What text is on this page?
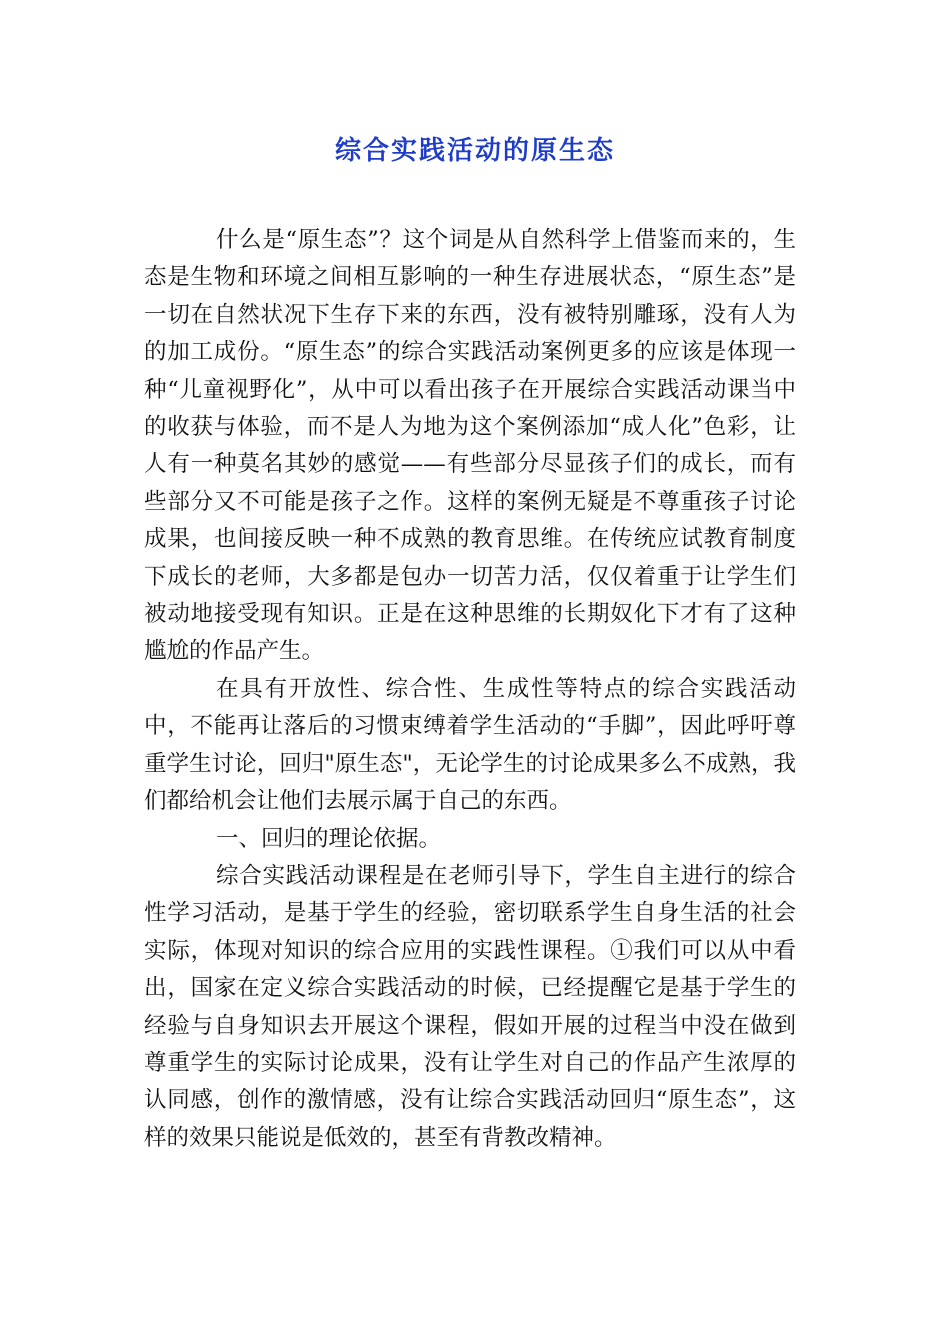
综合实践活动的原生态

什么是“原生态”？这个词是从自然科学上借鉴而来的，生态是生物和环境之间相互影响的一种生存进展状态，“原生态”是一切在自然状况下生存下来的东西，没有被特别雕琢，没有人为的加工成份。“原生态”的综合实践活动案例更多的应该是体现一种“儿童视野化”，从中可以看出孩子在开展综合实践活动课当中的收获与体验，而不是人为地为这个案例添加“成人化”色彩，让人有一种莫名其妙的感觉——有些部分尽显孩子们的成长，而有些部分又不可能是孩子之作。这样的案例无疑是不尊重孩子讨论成果，也间接反映一种不成熟的教育思维。在传统应试教育制度下成长的老师，大多都是包办一切苦力活，仅仅着重于让学生们被动地接受现有知识。正是在这种思维的长期奴化下才有了这种尴尬的作品产生。

在具有开放性、综合性、生成性等特点的综合实践活动中，不能再让落后的习惯束缚着学生活动的“手脚”，因此呼吁尊重学生讨论，回归"原生态"，无论学生的讨论成果多么不成熟，我们都给机会让他们去展示属于自己的东西。

一、回归的理论依据。

综合实践活动课程是在老师引导下，学生自主进行的综合性学习活动，是基于学生的经验，密切联系学生自身生活的社会实际，体现对知识的综合应用的实践性课程。①我们可以从中看出，国家在定义综合实践活动的时候，已经提醒它是基于学生的经验与自身知识去开展这个课程，假如开展的过程当中没在做到尊重学生的实际讨论成果，没有让学生对自己的作品产生浓厚的认同感，创作的激情感，没有让综合实践活动回归“原生态”，这样的效果只能说是低效的，甚至有背教改精神。
